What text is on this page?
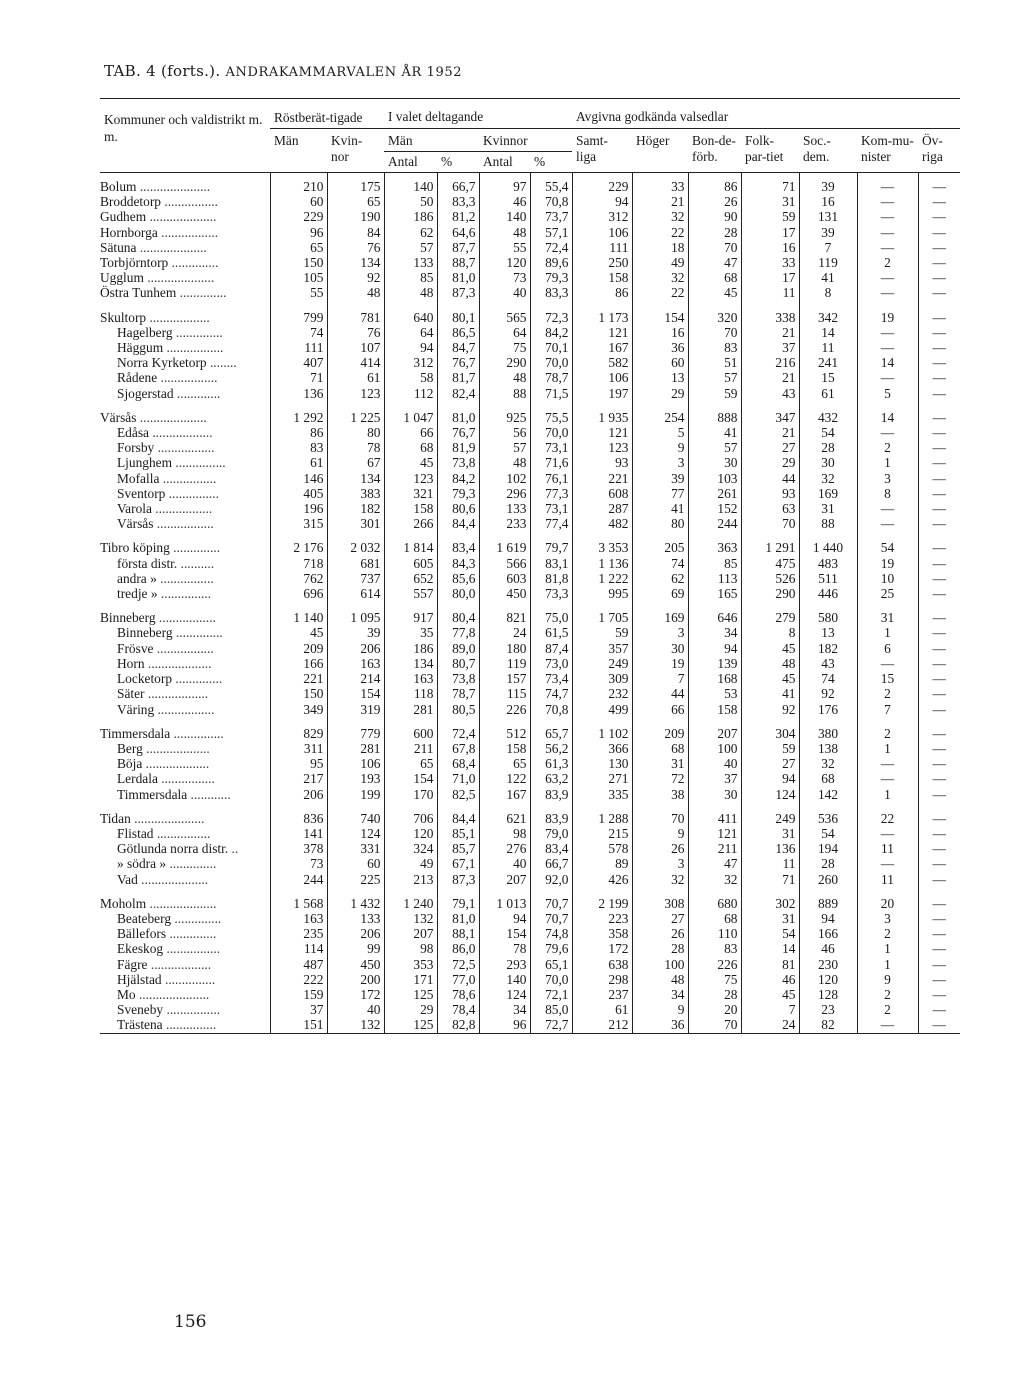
TAB. 4 (forts.). ANDRAKAMMARVALEN ÅR 1952
Kommuner och valdistrikt m. m.	Röstberät-tigade		I valet deltagande				Avgivna godkända valsedlar						
	Män	Kvin-nor	Män		Kvinnor		Samt-liga	Höger	Bon-de-förb.	Folk-par-tiet	Soc.-dem.	Kom-mu-nister	Öv-riga
			Antal	%	Antal	%							

Bolum .....................	210	175	140	66,7	97	55,4	229	33	86	71	39	—	—
Broddetorp ................	60	65	50	83,3	46	70,8	94	21	26	31	16	—	—
Gudhem ....................	229	190	186	81,2	140	73,7	312	32	90	59	131	—	—
Hornborga .................	96	84	62	64,6	48	57,1	106	22	28	17	39	—	—
Sätuna ....................	65	76	57	87,7	55	72,4	111	18	70	16	7	—	—
Torbjörntorp ..............	150	134	133	88,7	120	89,6	250	49	47	33	119	2	—
Ugglum ....................	105	92	85	81,0	73	79,3	158	32	68	17	41	—	—
Östra Tunhem ..............	55	48	48	87,3	40	83,3	86	22	45	11	8	—	—

Skultorp ..................	799	781	640	80,1	565	72,3	1 173	154	320	338	342	19	—
Hagelberg ..............	74	76	64	86,5	64	84,2	121	16	70	21	14	—	—
Häggum .................	111	107	94	84,7	75	70,1	167	36	83	37	11	—	—
Norra Kyrketorp ........	407	414	312	76,7	290	70,0	582	60	51	216	241	14	—
Rådene .................	71	61	58	81,7	48	78,7	106	13	57	21	15	—	—
Sjogerstad .............	136	123	112	82,4	88	71,5	197	29	59	43	61	5	—

Värsås ....................	1 292	1 225	1 047	81,0	925	75,5	1 935	254	888	347	432	14	—
Edåsa ..................	86	80	66	76,7	56	70,0	121	5	41	21	54	—	—
Forsby .................	83	78	68	81,9	57	73,1	123	9	57	27	28	2	—
Ljunghem ...............	61	67	45	73,8	48	71,6	93	3	30	29	30	1	—
Mofalla ................	146	134	123	84,2	102	76,1	221	39	103	44	32	3	—
Sventorp ...............	405	383	321	79,3	296	77,3	608	77	261	93	169	8	—
Varola .................	196	182	158	80,6	133	73,1	287	41	152	63	31	—	—
Värsås .................	315	301	266	84,4	233	77,4	482	80	244	70	88	—	—

Tibro köping ..............	2 176	2 032	1 814	83,4	1 619	79,7	3 353	205	363	1 291	1 440	54	—
första distr. ..........	718	681	605	84,3	566	83,1	1 136	74	85	475	483	19	—
andra » ................	762	737	652	85,6	603	81,8	1 222	62	113	526	511	10	—
tredje » ...............	696	614	557	80,0	450	73,3	995	69	165	290	446	25	—

Binneberg .................	1 140	1 095	917	80,4	821	75,0	1 705	169	646	279	580	31	—
Binneberg ..............	45	39	35	77,8	24	61,5	59	3	34	8	13	1	—
Frösve .................	209	206	186	89,0	180	87,4	357	30	94	45	182	6	—
Horn ...................	166	163	134	80,7	119	73,0	249	19	139	48	43	—	—
Locketorp ..............	221	214	163	73,8	157	73,4	309	7	168	45	74	15	—
Säter ..................	150	154	118	78,7	115	74,7	232	44	53	41	92	2	—
Väring .................	349	319	281	80,5	226	70,8	499	66	158	92	176	7	—

Timmersdala ...............	829	779	600	72,4	512	65,7	1 102	209	207	304	380	2	—
Berg ...................	311	281	211	67,8	158	56,2	366	68	100	59	138	1	—
Böja ...................	95	106	65	68,4	65	61,3	130	31	40	27	32	—	—
Lerdala ................	217	193	154	71,0	122	63,2	271	72	37	94	68	—	—
Timmersdala ............	206	199	170	82,5	167	83,9	335	38	30	124	142	1	—

Tidan .....................	836	740	706	84,4	621	83,9	1 288	70	411	249	536	22	—
Flistad ................	141	124	120	85,1	98	79,0	215	9	121	31	54	—	—
Götlunda norra distr. ..	378	331	324	85,7	276	83,4	578	26	211	136	194	11	—
» södra » ..............	73	60	49	67,1	40	66,7	89	3	47	11	28	—	—
Vad ....................	244	225	213	87,3	207	92,0	426	32	32	71	260	11	—

Moholm ....................	1 568	1 432	1 240	79,1	1 013	70,7	2 199	308	680	302	889	20	—
Beateberg ..............	163	133	132	81,0	94	70,7	223	27	68	31	94	3	—
Bällefors ..............	235	206	207	88,1	154	74,8	358	26	110	54	166	2	—
Ekeskog ................	114	99	98	86,0	78	79,6	172	28	83	14	46	1	—
Fägre ..................	487	450	353	72,5	293	65,1	638	100	226	81	230	1	—
Hjälstad ...............	222	200	171	77,0	140	70,0	298	48	75	46	120	9	—
Mo .....................	159	172	125	78,6	124	72,1	237	34	28	45	128	2	—
Sveneby ................	37	40	29	78,4	34	85,0	61	9	20	7	23	2	—
Trästena ...............	151	132	125	82,8	96	72,7	212	36	70	24	82	—	—
156
